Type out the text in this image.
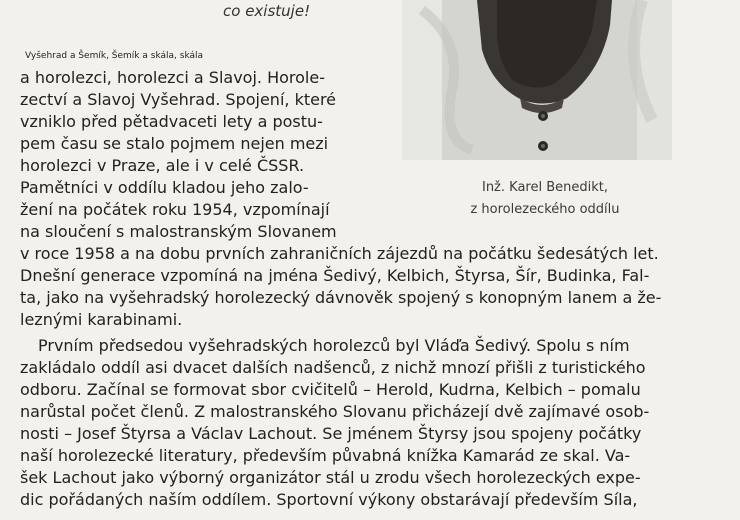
co existuje!
Inž. Karel Benedikt,
z horolezeckého oddílu
Vyšehrad a Šemík, Šemík a skála, skála
a horolezci, horolezci a Slavoj. Horole-
zectví a Slavoj Vyšehrad. Spojení, které
vzniklo před pětadvaceti lety a postu-
pem času se stalo pojmem nejen mezi
horolezci v Praze, ale i v celé ČSSR.
Pamětníci v oddílu kladou jeho zalo-
žení na počátek roku 1954, vzpomínají
na sloučení s malostranským Slovanem
v roce 1958 a na dobu prvních zahraničních zájezdů na počátku šedesátých let.
Dnešní generace vzpomíná na jména Šedivý, Kelbich, Štyrsa, Šír, Budinka, Fal-
ta, jako na vyšehradský horolezecký dávnověk spojený s konopným lanem a že-
leznými karabinami.
Prvním předsedou vyšehradských horolezců byl Vláďa Šedivý. Spolu s ním
zakládalo oddíl asi dvacet dalších nadšenců, z nichž mnozí přišli z turistického
odboru. Začínal se formovat sbor cvičitelů – Herold, Kudrna, Kelbich – pomalu
narůstal počet členů. Z malostranského Slovanu přicházejí dvě zajímavé osob-
nosti – Josef Štyrsa a Václav Lachout. Se jménem Štyrsy jsou spojeny počátky
naší horolezecké literatury, především půvabná knížka Kamarád ze skal. Va-
šek Lachout jako výborný organizátor stál u zrodu všech horolezeckých expe-
dic pořádaných naším oddílem. Sportovní výkony obstarávají především Síla,
